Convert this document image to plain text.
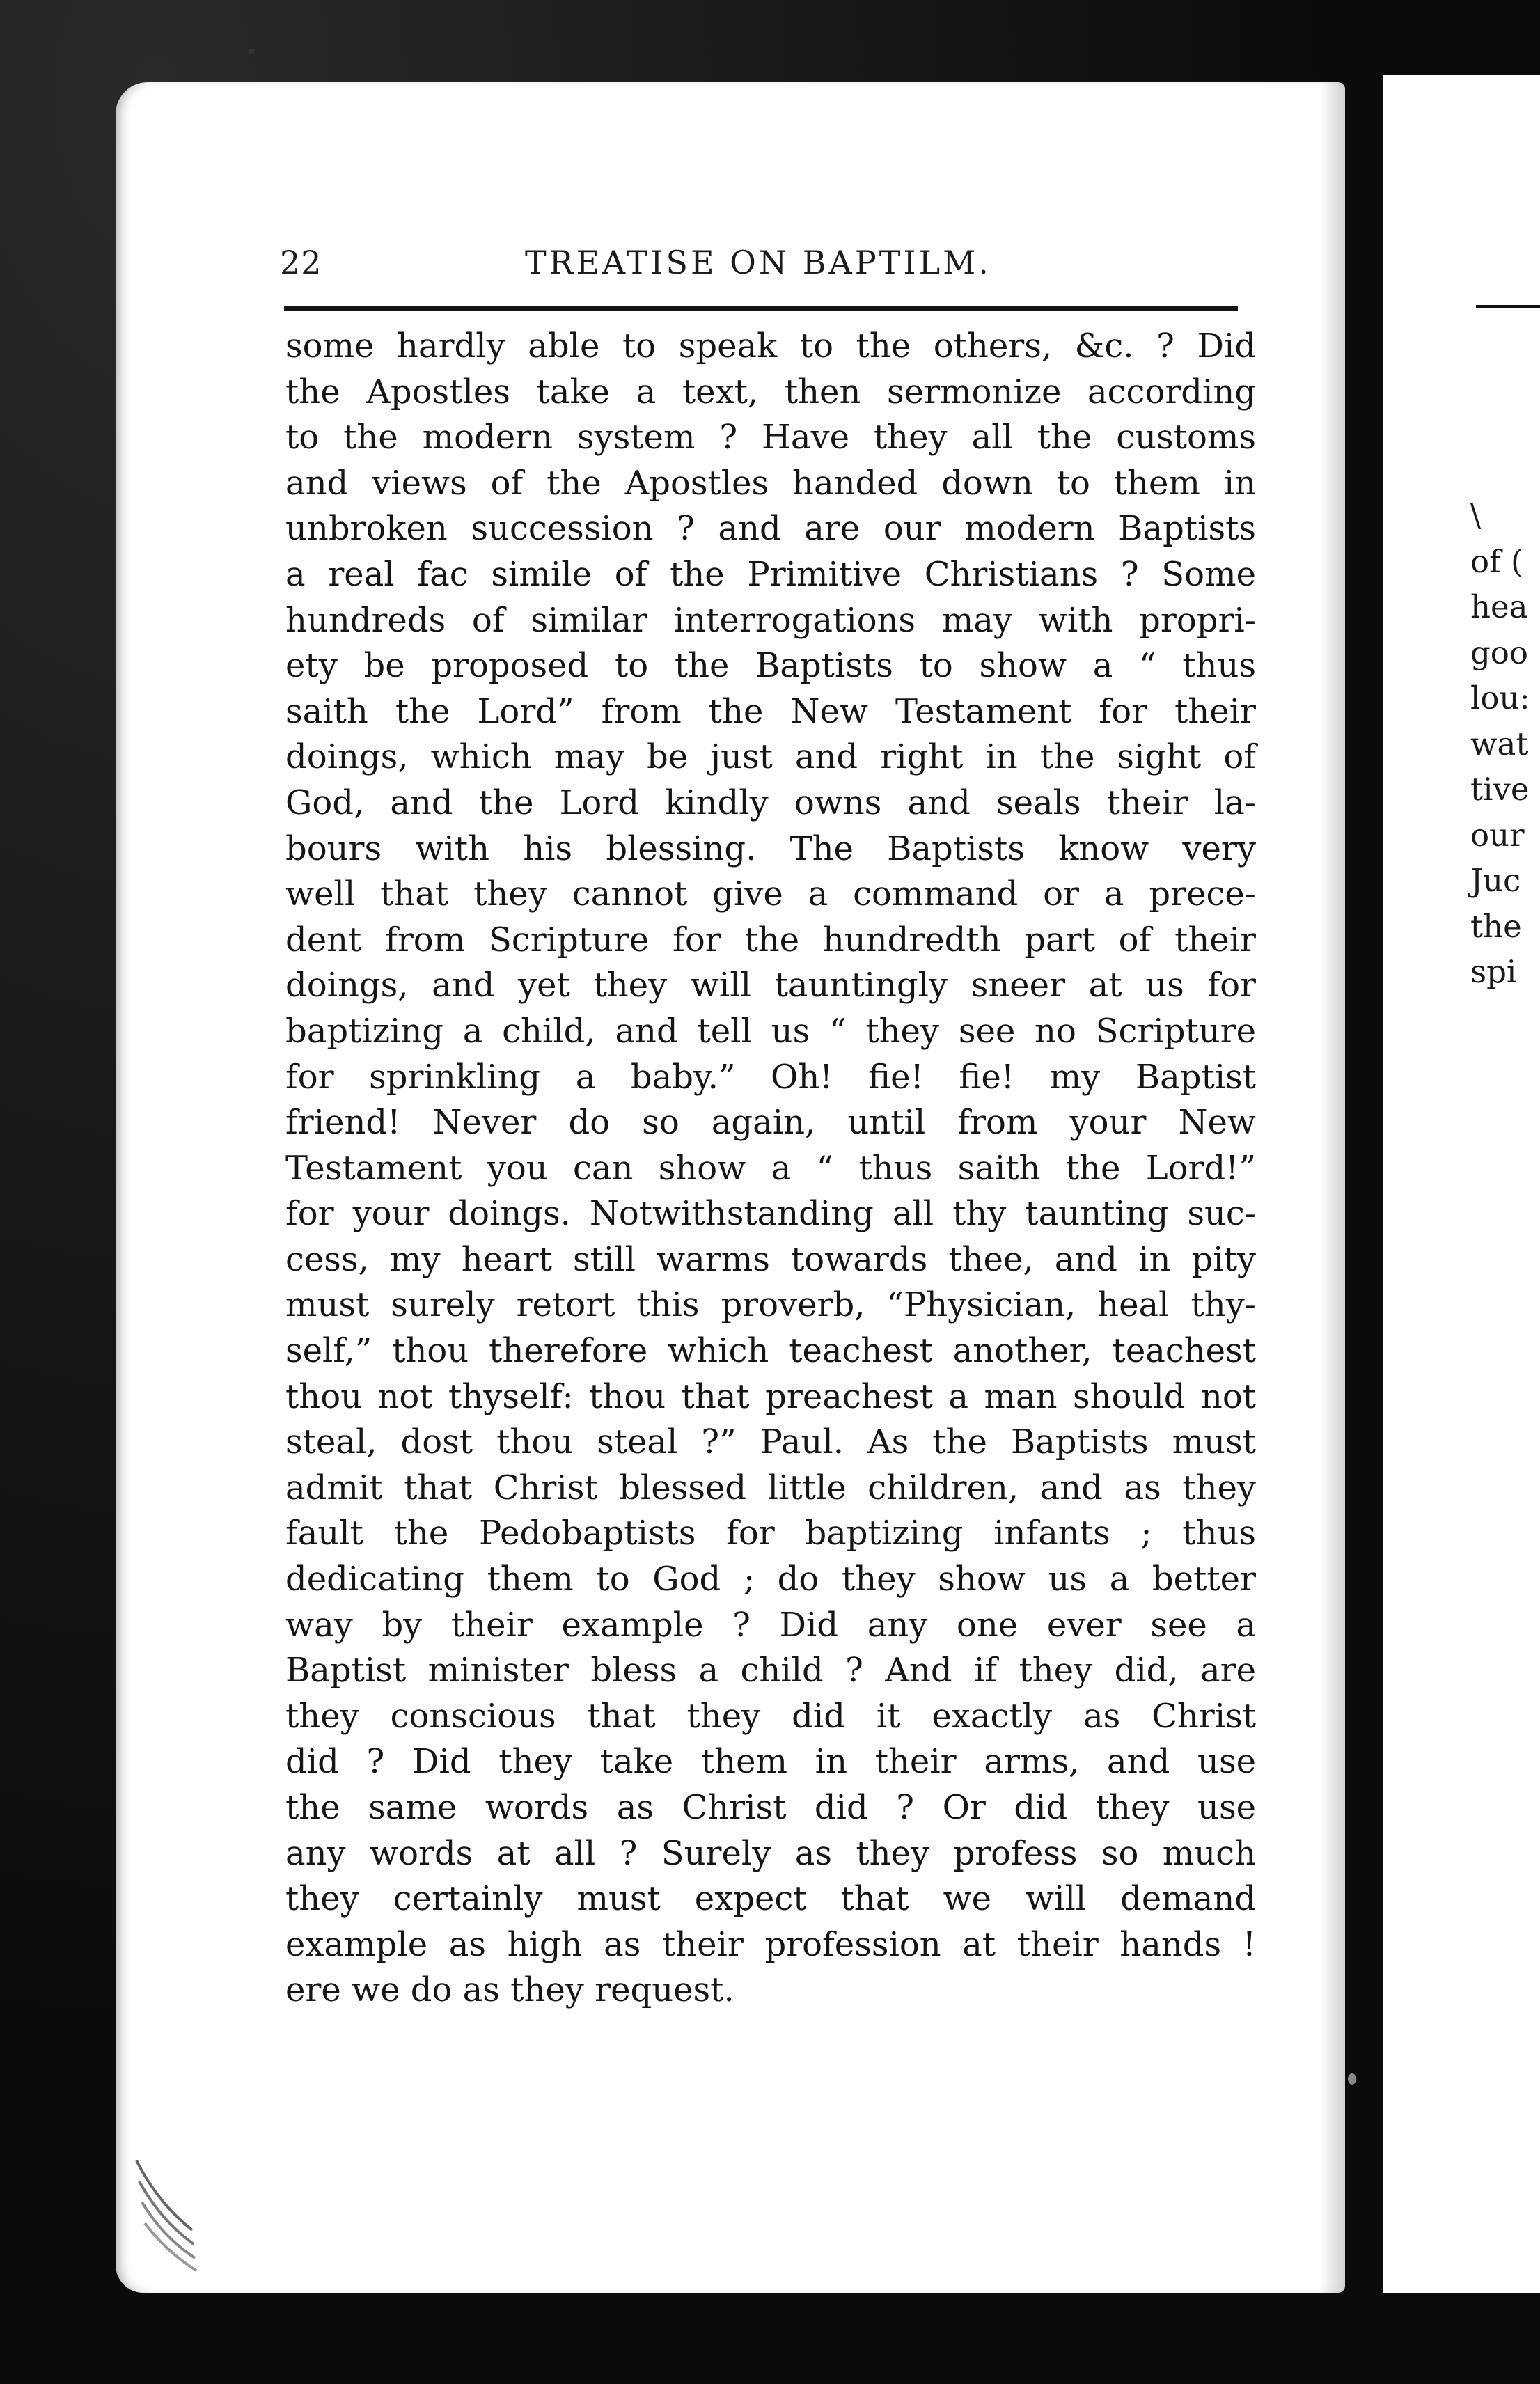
\
of (
hea
goo
lou:
wat
tive
our
Juc
the
spi
22	TREATISE ON BAPTILM.
some hardly able to speak to the others, &c. ? Did
the Apostles take a text, then sermonize according
to the modern system ? Have they all the customs
and views of the Apostles handed down to them in
unbroken succession ? and are our modern Baptists
a real fac simile of the Primitive Christians ? Some
hundreds of similar interrogations may with propri-
ety be proposed to the Baptists to show a “ thus
saith the Lord” from the New Testament for their
doings, which may be just and right in the sight of
God, and the Lord kindly owns and seals their la-
bours with his blessing. The Baptists know very
well that they cannot give a command or a prece-
dent from Scripture for the hundredth part of their
doings, and yet they will tauntingly sneer at us for
baptizing a child, and tell us “ they see no Scripture
for sprinkling a baby.” Oh! fie! fie! my Baptist
friend! Never do so again, until from your New
Testament you can show a “ thus saith the Lord!”
for your doings. Notwithstanding all thy taunting suc-
cess, my heart still warms towards thee, and in pity
must surely retort this proverb, “Physician, heal thy-
self,” thou therefore which teachest another, teachest
thou not thyself: thou that preachest a man should not
steal, dost thou steal ?” Paul. As the Baptists must
admit that Christ blessed little children, and as they
fault the Pedobaptists for baptizing infants ; thus
dedicating them to God ; do they show us a better
way by their example ? Did any one ever see a
Baptist minister bless a child ? And if they did, are
they conscious that they did it exactly as Christ
did ? Did they take them in their arms, and use
the same words as Christ did ? Or did they use
any words at all ? Surely as they profess so much
they certainly must expect that we will demand
example as high as their profession at their hands !
ere we do as they request.
